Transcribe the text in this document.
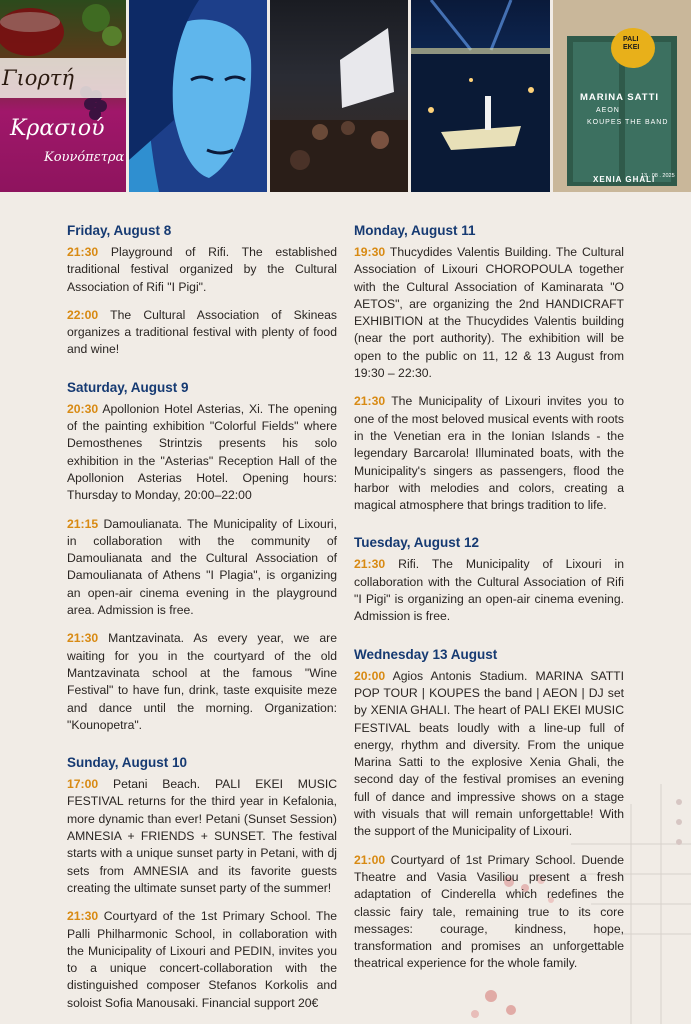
Γιορτή
Κρασιού
Κουνόπετρα
PALI EKEI
MARINA SATTI
AEON
KOUPES THE BAND
XENIA GHALI
13 . 08 . 2025
Friday, August 8

21:30 Playground of Rifi. The established traditional festival organized by the Cultural Association of Rifi "I Pigi".

22:00 The Cultural Association of Skineas organizes a traditional festival with plenty of food and wine!

Saturday, August 9

20:30 Apollonion Hotel Asterias, Xi. The opening of the painting exhibition "Colorful Fields" where Demosthenes Strintzis presents his solo exhibition in the "Asterias" Reception Hall of the Apollonion Asterias Hotel. Opening hours: Thursday to Monday, 20:00–22:00

21:15 Damoulianata. The Municipality of Lixouri, in collaboration with the community of Damoulianata and the Cultural Association of Damoulianata of Athens "I Plagia", is organizing an open-air cinema evening in the playground area. Admission is free.

21:30 Mantzavinata. As every year, we are waiting for you in the courtyard of the old Mantzavinata school at the famous "Wine Festival" to have fun, drink, taste exquisite meze and dance until the morning. Organization: "Kounopetra".

Sunday, August 10

17:00 Petani Beach. PALI EKEI MUSIC FESTIVAL returns for the third year in Kefalonia, more dynamic than ever! Petani (Sunset Session) AMNESIA + FRIENDS + SUNSET. The festival starts with a unique sunset party in Petani, with dj sets from AMNESIA and its favorite guests creating the ultimate sunset party of the summer!

21:30 Courtyard of the 1st Primary School. The Palli Philharmonic School, in collaboration with the Municipality of Lixouri and PEDIN, invites you to a unique concert-collaboration with the distinguished composer Stefanos Korkolis and soloist Sofia Manousaki. Financial support 20€

Monday, August 11

19:30 Thucydides Valentis Building. The Cultural Association of Lixouri CHOROPOULA together with the Cultural Association of Kaminarata "O AETOS", are organizing the 2nd HANDICRAFT EXHIBITION at the Thucydides Valentis building (near the port authority). The exhibition will be open to the public on 11, 12 & 13 August from 19:30 – 22:30.

21:30 The Municipality of Lixouri invites you to one of the most beloved musical events with roots in the Venetian era in the Ionian Islands - the legendary Barcarola! Illuminated boats, with the Municipality's singers as passengers, flood the harbor with melodies and colors, creating a magical atmosphere that brings tradition to life.

Tuesday, August 12

21:30 Rifi. The Municipality of Lixouri in collaboration with the Cultural Association of Rifi "I Pigi" is organizing an open-air cinema evening. Admission is free.

Wednesday 13 August

20:00 Agios Antonis Stadium. MARINA SATTI POP TOUR | KOUPES the band | AEON | DJ set by XENIA GHALI. The heart of PALI EKEI MUSIC FESTIVAL beats loudly with a line-up full of energy, rhythm and diversity. From the unique Marina Satti to the explosive Xenia Ghali, the second day of the festival promises an evening full of dance and impressive shows on a stage with visuals that will remain unforgettable! With the support of the Municipality of Lixouri.

21:00 Courtyard of 1st Primary School. Duende Theatre and Vasia Vasiliou present a fresh adaptation of Cinderella which redefines the classic fairy tale, remaining true to its core messages: courage, kindness, hope, transformation and promises an unforgettable theatrical experience for the whole family.
